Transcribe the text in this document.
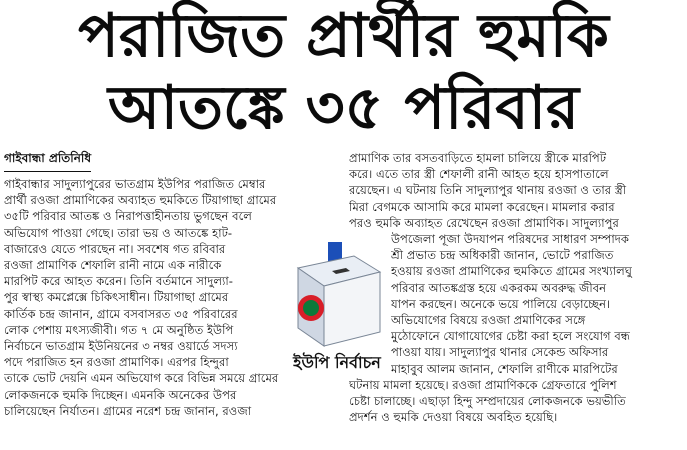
পরাজিত প্রার্থীর হুমকি
আতঙ্কে ৩৫ পরিবার
গাইবান্ধা প্রতিনিধি
গাইবান্ধার সাদুল্যাপুরের ভাতগ্রাম ইউপির পরাজিত মেম্বার
প্রার্থী রওজা প্রামাণিকের অব্যাহত হুমকিতে টিয়াগাছা গ্রামের
৩৫টি পরিবার আতঙ্ক ও নিরাপত্তাহীনতায় ভুগছেন বলে
অভিযোগ পাওয়া গেছে। তারা ভয় ও আতঙ্কে হাট-
বাজারেও যেতে পারছেন না। সবশেষ গত রবিবার
রওজা প্রামাণিক শেফালি রানী নামে এক নারীকে
মারপিট করে আহত করেন। তিনি বর্তমানে সাদুল্যা-
পুর স্বাস্থ্য কমপ্লেক্সে চিকিৎসাধীন। টিয়াগাছা গ্রামের
কার্তিক চন্দ্র জানান, গ্রামে বসবাসরত ৩৫ পরিবারের
লোক পেশায় মৎস্যজীবী। গত ৭ মে অনুষ্ঠিত ইউপি
নির্বাচনে ভাতগ্রাম ইউনিয়নের ৩ নম্বর ওয়ার্ডে সদস্য
পদে পরাজিত হন রওজা প্রামাণিক। এরপর হিন্দুরা
তাকে ভোট দেয়নি এমন অভিযোগ করে বিভিন্ন সময়ে গ্রামের
লোকজনকে হুমকি দিচ্ছেন। এমনকি অনেকের উপর
চালিয়েছেন নির্যাতন। গ্রামের নরেশ চন্দ্র জানান, রওজা
প্রামাণিক তার বসতবাড়িতে হামলা চালিয়ে স্ত্রীকে মারপিট
করে। এতে তার স্ত্রী শেফালী রানী আহত হয়ে হাসপাতালে
রয়েছেন। এ ঘটনায় তিনি সাদুল্যাপুর থানায় রওজা ও তার স্ত্রী
মিরা বেগমকে আসামি করে মামলা করেছেন। মামলার করার
পরও হুমকি অব্যাহত রেখেছেন রওজা প্রামাণিক। সাদুল্যাপুর
উপজেলা পূজা উদযাপন পরিষদের সাধারণ সম্পাদক
শ্রী প্রভাত চন্দ্র অধিকারী জানান, ভোটে পরাজিত
হওয়ায় রওজা প্রামাণিকের হুমকিতে গ্রামের সংখ্যালঘু
পরিবার আতঙ্কগ্রস্ত হয়ে একরকম অবরুদ্ধ জীবন
যাপন করছেন। অনেকে ভয়ে পালিয়ে বেড়াচ্ছেন।
অভিযোগের বিষয়ে রওজা প্রমাণিকের সঙ্গে
মুঠোফোনে যোগাযোগের চেষ্টা করা হলে সংযোগ বন্ধ
পাওয়া যায়। সাদুল্যাপুর থানার সেকেন্ড অফিসার
মাহাবুব আলম জানান, শেফালি রাণীকে মারপিটের
ঘটনায় মামলা হয়েছে। রওজা প্রামাণিককে গ্রেফতারে পুলিশ
চেষ্টা চালাচ্ছে। এছাড়া হিন্দু সম্প্রদায়ের লোকজনকে ভয়ভীতি
প্রদর্শন ও হুমকি দেওয়া বিষয়ে অবহিত হয়েছি।
ইউপি নির্বাচন
